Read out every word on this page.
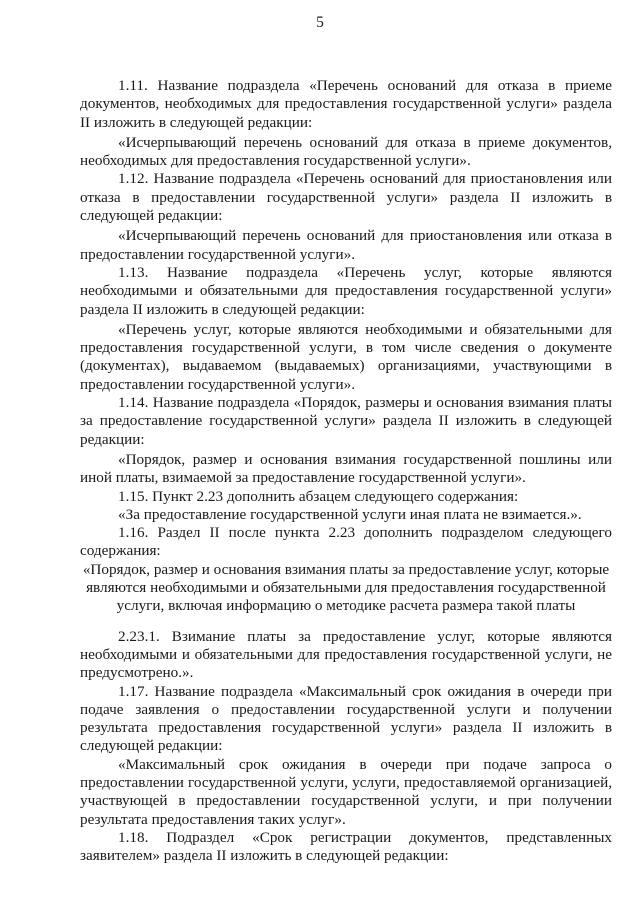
5

1.11. Название подраздела «Перечень оснований для отказа в приеме документов, необходимых для предоставления государственной услуги» раздела II изложить в следующей редакции:

«Исчерпывающий перечень оснований для отказа в приеме документов, необходимых для предоставления государственной услуги».

1.12. Название подраздела «Перечень оснований для приостановления или отказа в предоставлении государственной услуги» раздела II изложить в следующей редакции:

«Исчерпывающий перечень оснований для приостановления или отказа в предоставлении государственной услуги».

1.13. Название подраздела «Перечень услуг, которые являются необходимыми и обязательными для предоставления государственной услуги» раздела II изложить в следующей редакции:

«Перечень услуг, которые являются необходимыми и обязательными для предоставления государственной услуги, в том числе сведения о документе (документах), выдаваемом (выдаваемых) организациями, участвующими в предоставлении государственной услуги».

1.14. Название подраздела «Порядок, размеры и основания взимания платы за предоставление государственной услуги» раздела II изложить в следующей редакции:

«Порядок, размер и основания взимания государственной пошлины или иной платы, взимаемой за предоставление государственной услуги».

1.15. Пункт 2.23 дополнить абзацем следующего содержания:

«За предоставление государственной услуги иная плата не взимается.».

1.16. Раздел II после пункта 2.23 дополнить подразделом следующего содержания:

«Порядок, размер и основания взимания платы за предоставление услуг, которые являются необходимыми и обязательными для предоставления государственной услуги, включая информацию о методике расчета размера такой платы

2.23.1. Взимание платы за предоставление услуг, которые являются необходимыми и обязательными для предоставления государственной услуги, не предусмотрено.».

1.17. Название подраздела «Максимальный срок ожидания в очереди при подаче заявления о предоставлении государственной услуги и получении результата предоставления государственной услуги» раздела II изложить в следующей редакции:

«Максимальный срок ожидания в очереди при подаче запроса о предоставлении государственной услуги, услуги, предоставляемой организацией, участвующей в предоставлении государственной услуги, и при получении результата предоставления таких услуг».

1.18. Подраздел «Срок регистрации документов, представленных заявителем» раздела II изложить в следующей редакции:
